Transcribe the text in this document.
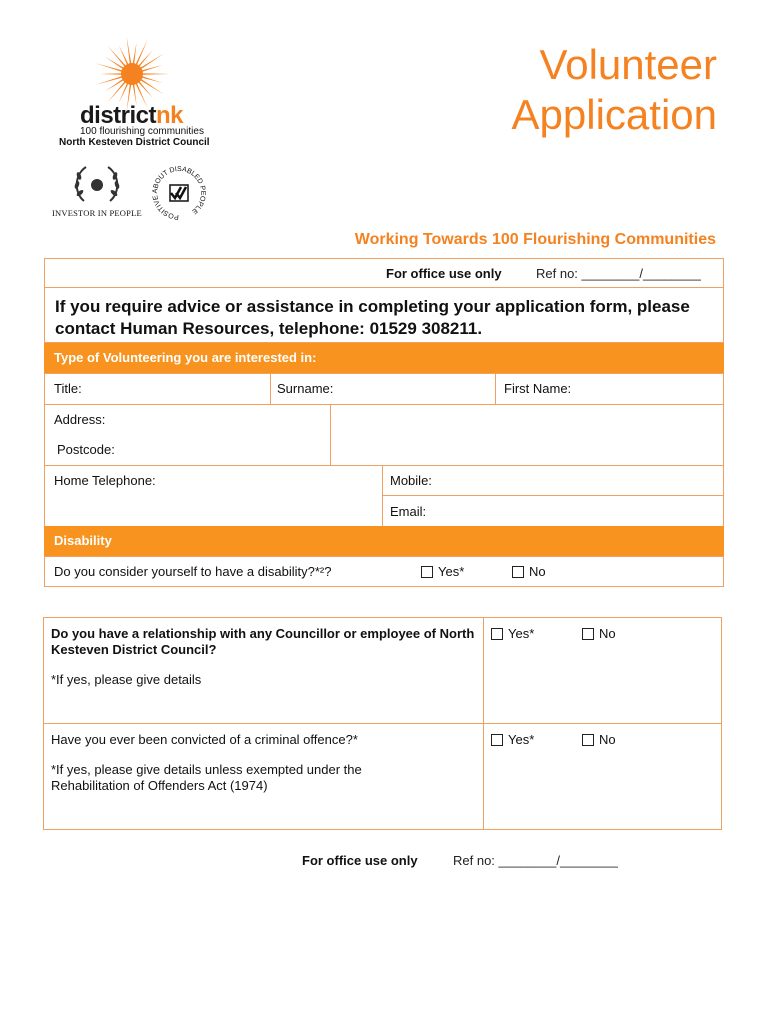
districtnk
100 flourishing communities
North Kesteven District Council
INVESTOR IN PEOPLE	POSITIVE ABOUT DISABLED PEOPLE
Volunteer
Application
Working Towards 100 Flourishing Communities
For office use only	Ref no: ________/________
If you require advice or assistance in completing your application form, please contact Human Resources, telephone: 01529 308211.
Type of Volunteering you are interested in:
Title:	Surname:	First Name:
Address:
Postcode:
Home Telephone:	Mobile:
Email:
Disability
Do you consider yourself to have a disability?*²?	Yes*	No
Do you have a relationship with any Councillor or employee of North Kesteven District Council?
*If yes, please give details
Yes*	No
Have you ever been convicted of a criminal offence?*
*If yes, please give details unless exempted under the Rehabilitation of Offenders Act (1974)
Yes*	No
For office use only	Ref no: ________/________
